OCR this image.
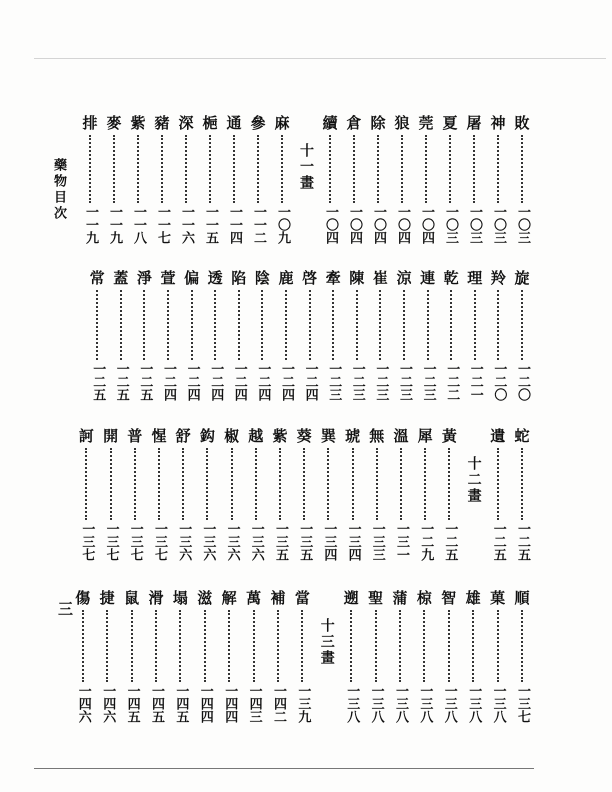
藥物目次
三
敗
一〇三
神
一〇三
屠
一〇三
夏
一〇三
莞
一〇四
狼
一〇四
除
一〇四
倉
一〇四
續
一〇四
十一畫
麻
一〇九
參
一一二
通
一一四
梔
一一五
深
一一六
豬
一一七
紫
一一八
麥
一一九
排
一一九
旋
一二〇
羚
一二〇
理
一二一
乾
一二二
連
一二三
涼
一二三
崔
一二三
陳
一二三
牽
一二三
啓
一二四
鹿
一二四
陰
一二四
陷
一二四
透
一二四
偏
一二四
萱
一二四
淨
一二五
蓋
一二五
常
一二五
蛇
一二五
遺
一二五
十二畫
黃
一二五
犀
一二九
溫
一三一
無
一三三
琥
一三四
巽
一三四
葵
一三五
紫
一三五
越
一三六
椒
一三六
鈎
一三六
舒
一三六
惺
一三七
普
一三七
開
一三七
訶
一三七
順
一三七
菓
一三八
雄
一三八
智
一三八
椋
一三八
蒲
一三八
聖
一三八
遡
一三八
十三畫
當
一三九
補
一四二
萬
一四三
解
一四四
滋
一四四
塌
一四五
滑
一四五
鼠
一四五
捷
一四六
傷
一四六
